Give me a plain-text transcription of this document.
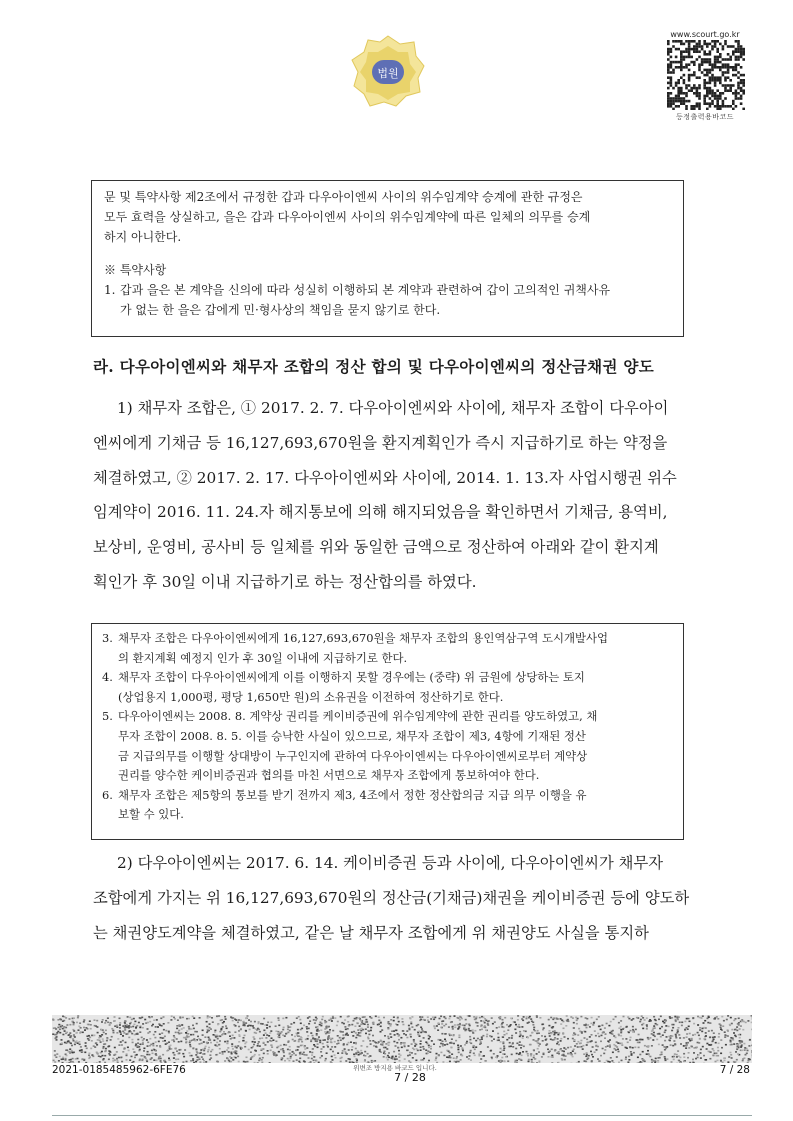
법원
www.scourt.go.kr
등정출력용바코드
문 및 특약사항 제2조에서 규정한 갑과 다우아이엔씨 사이의 위수임계약 승계에 관한 규정은
모두 효력을 상실하고, 을은 갑과 다우아이엔씨 사이의 위수임계약에 따른 일체의 의무를 승계
하지 아니한다.
※ 특약사항
1. 갑과 을은 본 계약을 신의에 따라 성실히 이행하되 본 계약과 관련하여 갑이 고의적인 귀책사유
가 없는 한 을은 갑에게 민·형사상의 책임을 묻지 않기로 한다.
라. 다우아이엔씨와 채무자 조합의 정산 합의 및 다우아이엔씨의 정산금채권 양도
1) 채무자 조합은, ① 2017. 2. 7. 다우아이엔씨와 사이에, 채무자 조합이 다우아이
엔씨에게 기채금 등 16,127,693,670원을 환지계획인가 즉시 지급하기로 하는 약정을
체결하였고, ② 2017. 2. 17. 다우아이엔씨와 사이에, 2014. 1. 13.자 사업시행권 위수
임계약이 2016. 11. 24.자 해지통보에 의해 해지되었음을 확인하면서 기채금, 용역비,
보상비, 운영비, 공사비 등 일체를 위와 동일한 금액으로 정산하여 아래와 같이 환지계
획인가 후 30일 이내 지급하기로 하는 정산합의를 하였다.
3. 채무자 조합은 다우아이엔씨에게 16,127,693,670원을 채무자 조합의 용인역삼구역 도시개발사업
의 환지계획 예정지 인가 후 30일 이내에 지급하기로 한다.
4. 채무자 조합이 다우아이엔씨에게 이를 이행하지 못할 경우에는 (중략) 위 금원에 상당하는 토지
(상업용지 1,000평, 평당 1,650만 원)의 소유권을 이전하여 정산하기로 한다.
5. 다우아이엔씨는 2008. 8. 계약상 권리를 케이비증권에 위수임계약에 관한 권리를 양도하였고, 채
무자 조합이 2008. 8. 5. 이를 승낙한 사실이 있으므로, 채무자 조합이 제3, 4항에 기재된 정산
금 지급의무를 이행할 상대방이 누구인지에 관하여 다우아이엔씨는 다우아이엔씨로부터 계약상
권리를 양수한 케이비증권과 협의를 마친 서면으로 채무자 조합에게 통보하여야 한다.
6. 채무자 조합은 제5항의 통보를 받기 전까지 제3, 4조에서 정한 정산합의금 지급 의무 이행을 유
보할 수 있다.
2) 다우아이엔씨는 2017. 6. 14. 케이비증권 등과 사이에, 다우아이엔씨가 채무자
조합에게 가지는 위 16,127,693,670원의 정산금(기채금)채권을 케이비증권 등에 양도하
는 채권양도계약을 체결하였고, 같은 날 채무자 조합에게 위 채권양도 사실을 통지하
2021-0185485962-6FE76	위변조 방지용 바코드 입니다.
7 / 28
7 / 28
